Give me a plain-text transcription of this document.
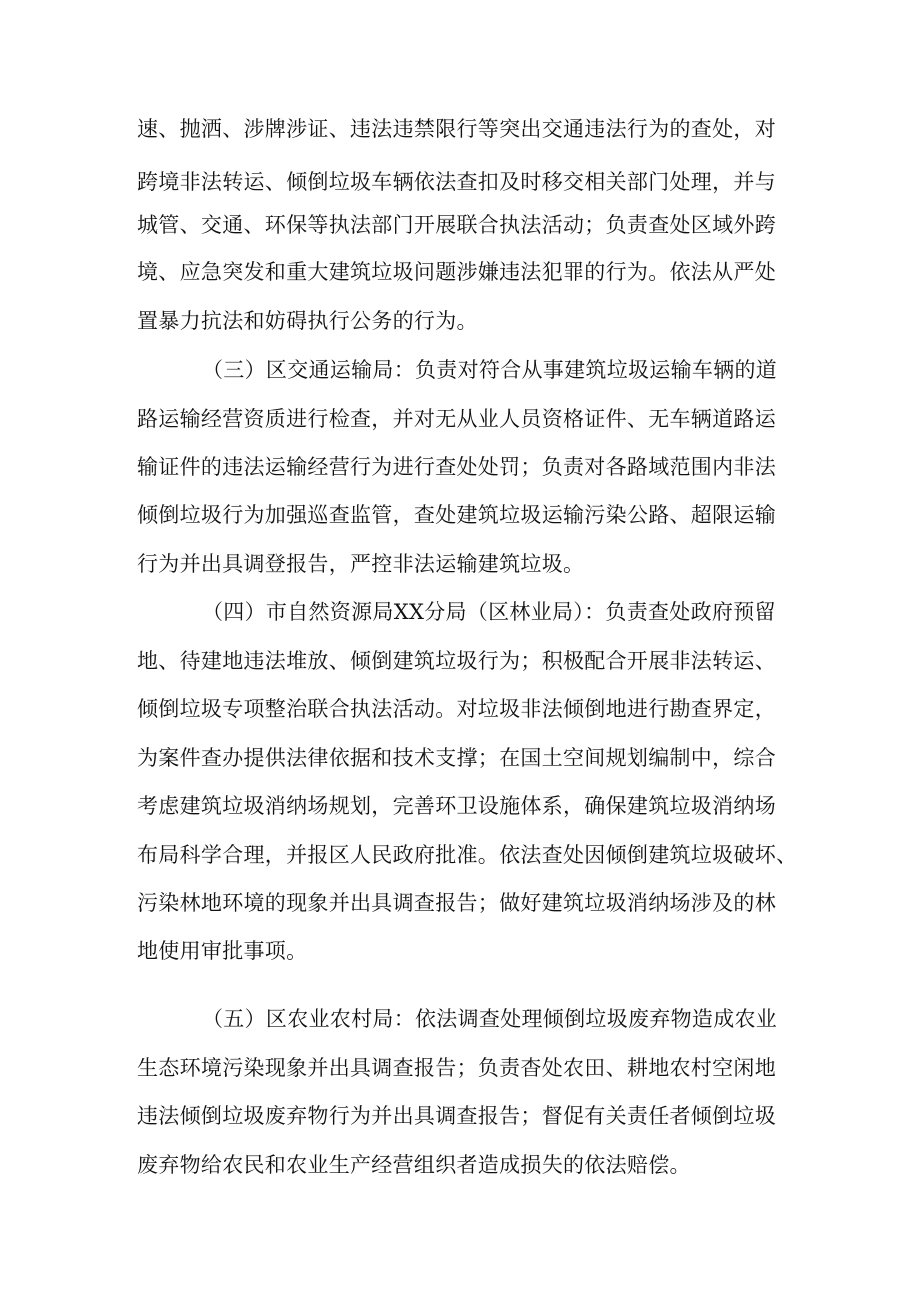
速、抛洒、涉牌涉证、违法违禁限行等突出交通违法行为的查处，对
跨境非法转运、倾倒垃圾车辆依法查扣及时移交相关部门处理，并与
城管、交通、环保等执法部门开展联合执法活动；负责查处区域外跨
境、应急突发和重大建筑垃圾问题涉嫌违法犯罪的行为。依法从严处
置暴力抗法和妨碍执行公务的行为。
（三）区交通运输局：负责对符合从事建筑垃圾运输车辆的道
路运输经营资质进行检查，并对无从业人员资格证件、无车辆道路运
输证件的违法运输经营行为进行查处处罚；负责对各路域范围内非法
倾倒垃圾行为加强巡查监管，查处建筑垃圾运输污染公路、超限运输
行为并出具调登报告，严控非法运输建筑垃圾。
（四）市自然资源局XX分局（区林业局）：负责查处政府预留
地、待建地违法堆放、倾倒建筑垃圾行为；积极配合开展非法转运、
倾倒垃圾专项整治联合执法活动。对垃圾非法倾倒地进行勘查界定，
为案件查办提供法律依据和技术支撑；在国土空间规划编制中，综合
考虑建筑垃圾消纳场规划，完善环卫设施体系，确保建筑垃圾消纳场
布局科学合理，并报区人民政府批准。依法查处因倾倒建筑垃圾破坏、
污染林地环境的现象并出具调查报告；做好建筑垃圾消纳场涉及的林
地使用审批事项。
（五）区农业农村局：依法调查处理倾倒垃圾废弃物造成农业
生态环境污染现象并出具调查报告；负责杳处农田、耕地农村空闲地
违法倾倒垃圾废弃物行为并出具调查报告；督促有关责任者倾倒垃圾
废弃物给农民和农业生产经营组织者造成损失的依法赔偿。
